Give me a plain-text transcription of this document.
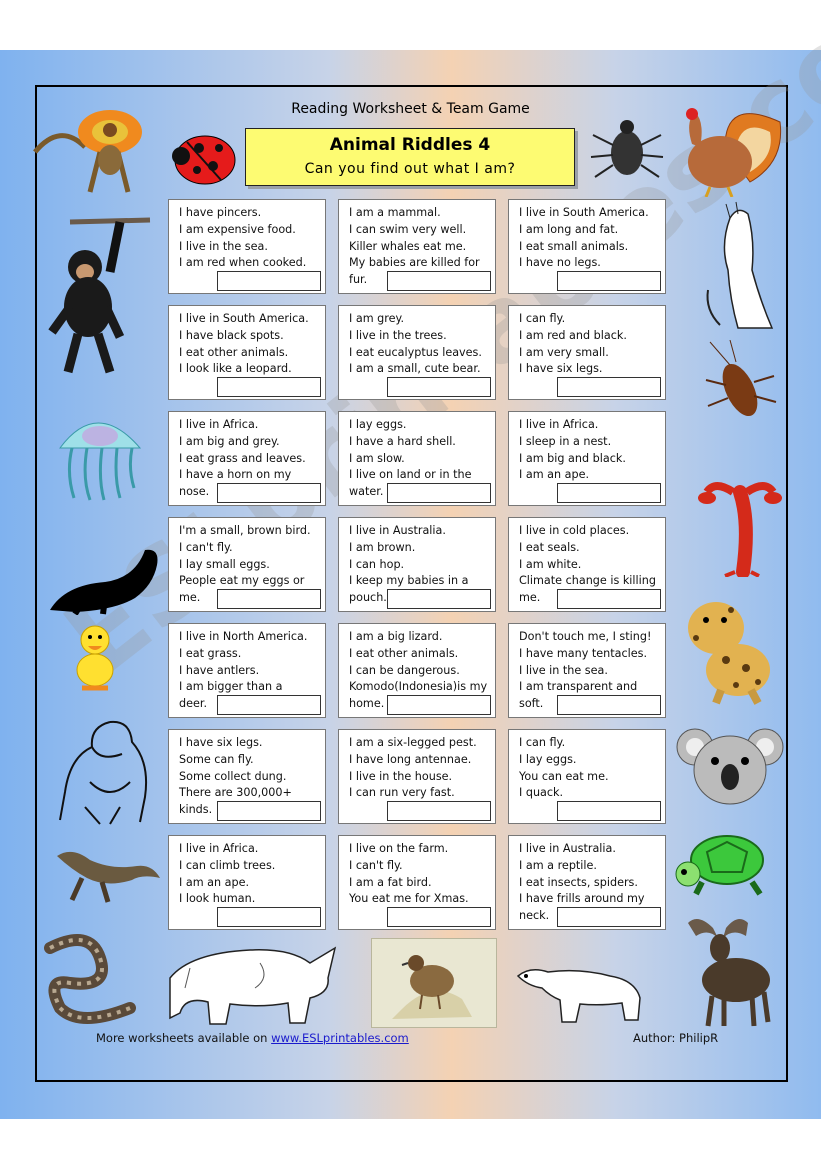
Reading Worksheet & Team Game
Animal Riddles 4
Can you find out what I am?
I have pincers.
I am expensive food.
I live in the sea.
I am red when cooked.
I am a mammal.
I can swim very well.
Killer whales eat me.
My babies are killed for
fur.
I live in South America.
I am long and fat.
I eat small animals.
I have no legs.
I live in South America.
I have black spots.
I eat other animals.
I look like a leopard.
I am grey.
I live in the trees.
I eat eucalyptus leaves.
I am a small, cute bear.
I can fly.
I am red and black.
I am very small.
I have six legs.
I live in Africa.
I am big and grey.
I eat grass and leaves.
I have a horn on my
nose.
I lay eggs.
I have a hard shell.
I am slow.
I live on land or in the
water.
I live in Africa.
I sleep in a nest.
I am big and black.
I am an ape.
I'm a small, brown bird.
I can't fly.
I lay small eggs.
People eat my eggs or
me.
I live in Australia.
I am brown.
I can hop.
I keep my babies in a
pouch.
I live in cold places.
I eat seals.
I am white.
Climate change is killing
me.
I live in North America.
I eat grass.
I have antlers.
I am bigger than a
deer.
I am a big lizard.
I eat other animals.
I can be dangerous.
Komodo(Indonesia)is my
home.
Don't touch me, I sting!
I have many tentacles.
I live in the sea.
I am transparent and
soft.
I have six legs.
Some can fly.
Some collect dung.
There are 300,000+
kinds.
I am a six-legged pest.
I have long antennae.
I live in the house.
I can run very fast.
I can fly.
I lay eggs.
You can eat me.
I quack.
I live in Africa.
I can climb trees.
I am an ape.
I look human.
I live on the farm.
I can't fly.
I am a fat bird.
You eat me for Xmas.
I live in Australia.
I am a reptile.
I eat insects, spiders.
I have frills around my
neck.
More worksheets available on www.ESLprintables.com	Author: PhilipR
